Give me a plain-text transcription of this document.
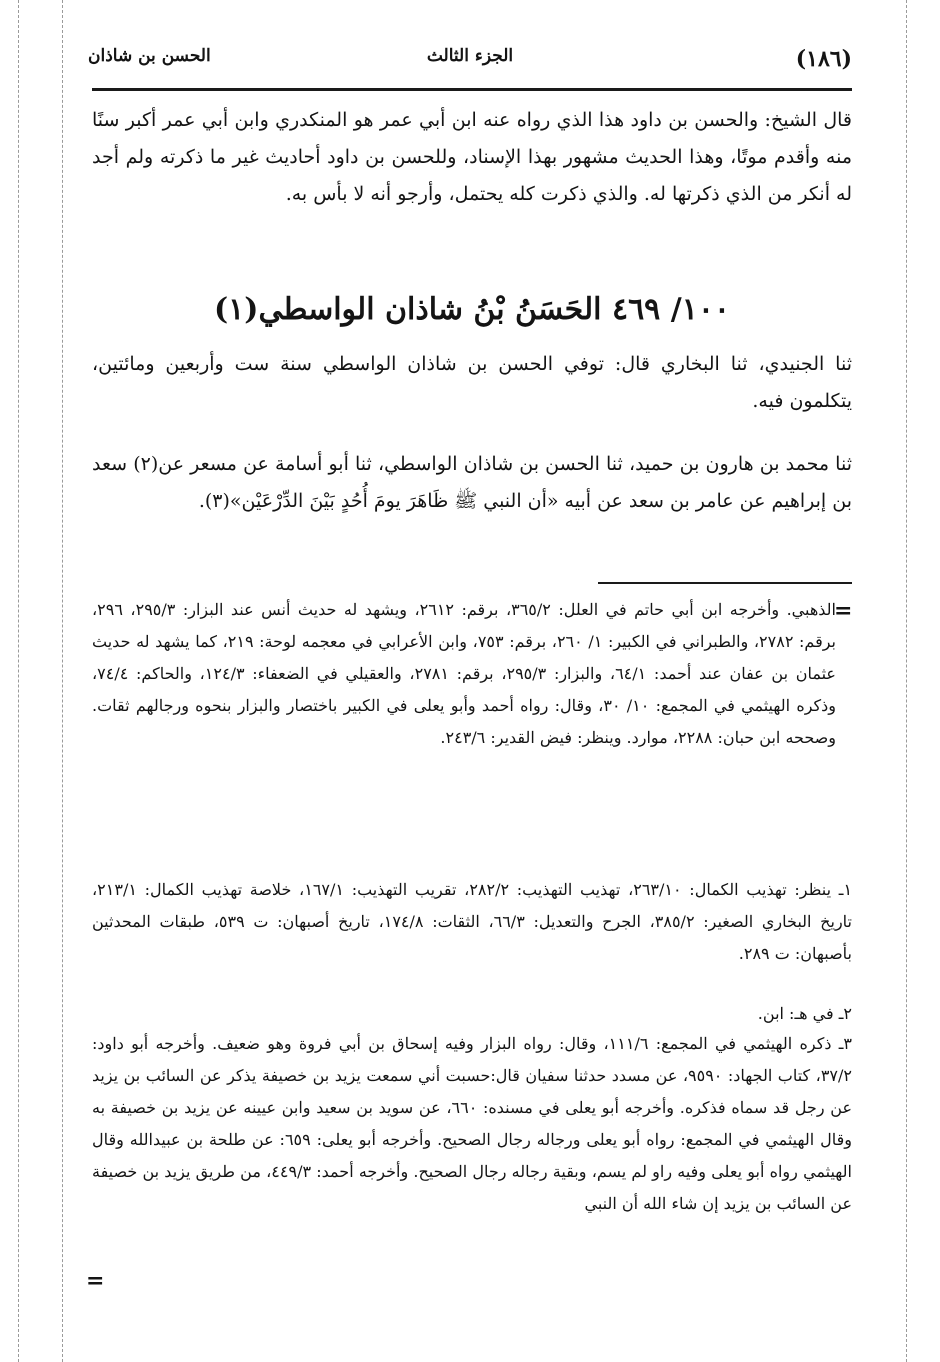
(١٨٦)
الجزء الثالث
الحسن بن شاذان
قال الشيخ: والحسن بن داود هذا الذي رواه عنه ابن أبي عمر هو المنكدري وابن أبي عمر أكبر سنًا منه وأقدم موتًا، وهذا الحديث مشهور بهذا الإسناد، وللحسن بن داود أحاديث غير ما ذكرته ولم أجد له أنكر من الذي ذكرتها له. والذي ذكرت كله يحتمل، وأرجو أنه لا بأس به.
١٠٠/ ٤٦٩ الحَسَنُ بْنُ شاذان الواسطي(١)
ثنا الجنيدي، ثنا البخاري قال: توفي الحسن بن شاذان الواسطي سنة ست وأربعين ومائتين، يتكلمون فيه.
ثنا محمد بن هارون بن حميد، ثنا الحسن بن شاذان الواسطي، ثنا أبو أسامة عن مسعر عن(٢) سعد بن إبراهيم عن عامر بن سعد عن أبيه «أن النبي ﷺ ظَاهَرَ يومَ أُحُدٍ بَيْنَ الدِّرْعَيْن»(٣).
=
الذهبي. وأخرجه ابن أبي حاتم في العلل: ٣٦٥/٢، برقم: ٢٦١٢، ويشهد له حديث أنس عند البزار: ٢٩٥/٣، ٢٩٦، برقم: ٢٧٨٢، والطبراني في الكبير: ١/ ٢٦٠، برقم: ٧٥٣، وابن الأعرابي في معجمه لوحة: ٢١٩، كما يشهد له حديث عثمان بن عفان عند أحمد: ٦٤/١، والبزار: ٢٩٥/٣، برقم: ٢٧٨١، والعقيلي في الضعفاء: ١٢٤/٣، والحاكم: ٧٤/٤، وذكره الهيثمي في المجمع: ١٠/ ٣٠، وقال: رواه أحمد وأبو يعلى في الكبير باختصار والبزار بنحوه ورجالهم ثقات. وصححه ابن حبان: ٢٢٨٨، موارد. وينظر: فيض القدير: ٢٤٣/٦.
١ـ ينظر: تهذيب الكمال: ٢٦٣/١٠، تهذيب التهذيب: ٢٨٢/٢، تقريب التهذيب: ١٦٧/١، خلاصة تهذيب الكمال: ٢١٣/١، تاريخ البخاري الصغير: ٣٨٥/٢، الجرح والتعديل: ٦٦/٣، الثقات: ١٧٤/٨، تاريخ أصبهان: ت ٥٣٩، طبقات المحدثين بأصبهان: ت ٢٨٩.
٢ـ في هـ: ابن.
٣ـ ذكره الهيثمي في المجمع: ١١١/٦، وقال: رواه البزار وفيه إسحاق بن أبي فروة وهو ضعيف. وأخرجه أبو داود: ٣٧/٢، كتاب الجهاد: ٩٥٩٠، عن مسدد حدثنا سفيان قال:حسبت أني سمعت يزيد بن خصيفة يذكر عن السائب بن يزيد عن رجل قد سماه فذكره. وأخرجه أبو يعلى في مسنده: ٦٦٠، عن سويد بن سعيد وابن عيينه عن يزيد بن خصيفة به وقال الهيثمي في المجمع: رواه أبو يعلى ورجاله رجال الصحيح. وأخرجه أبو يعلى: ٦٥٩: عن طلحة بن عبيدالله وقال الهيثمي رواه أبو يعلى وفيه راو لم يسم، وبقية رجاله رجال الصحيح. وأخرجه أحمد: ٤٤٩/٣، من طريق يزيد بن خصيفة عن السائب بن يزيد إن شاء الله أن النبي
=
